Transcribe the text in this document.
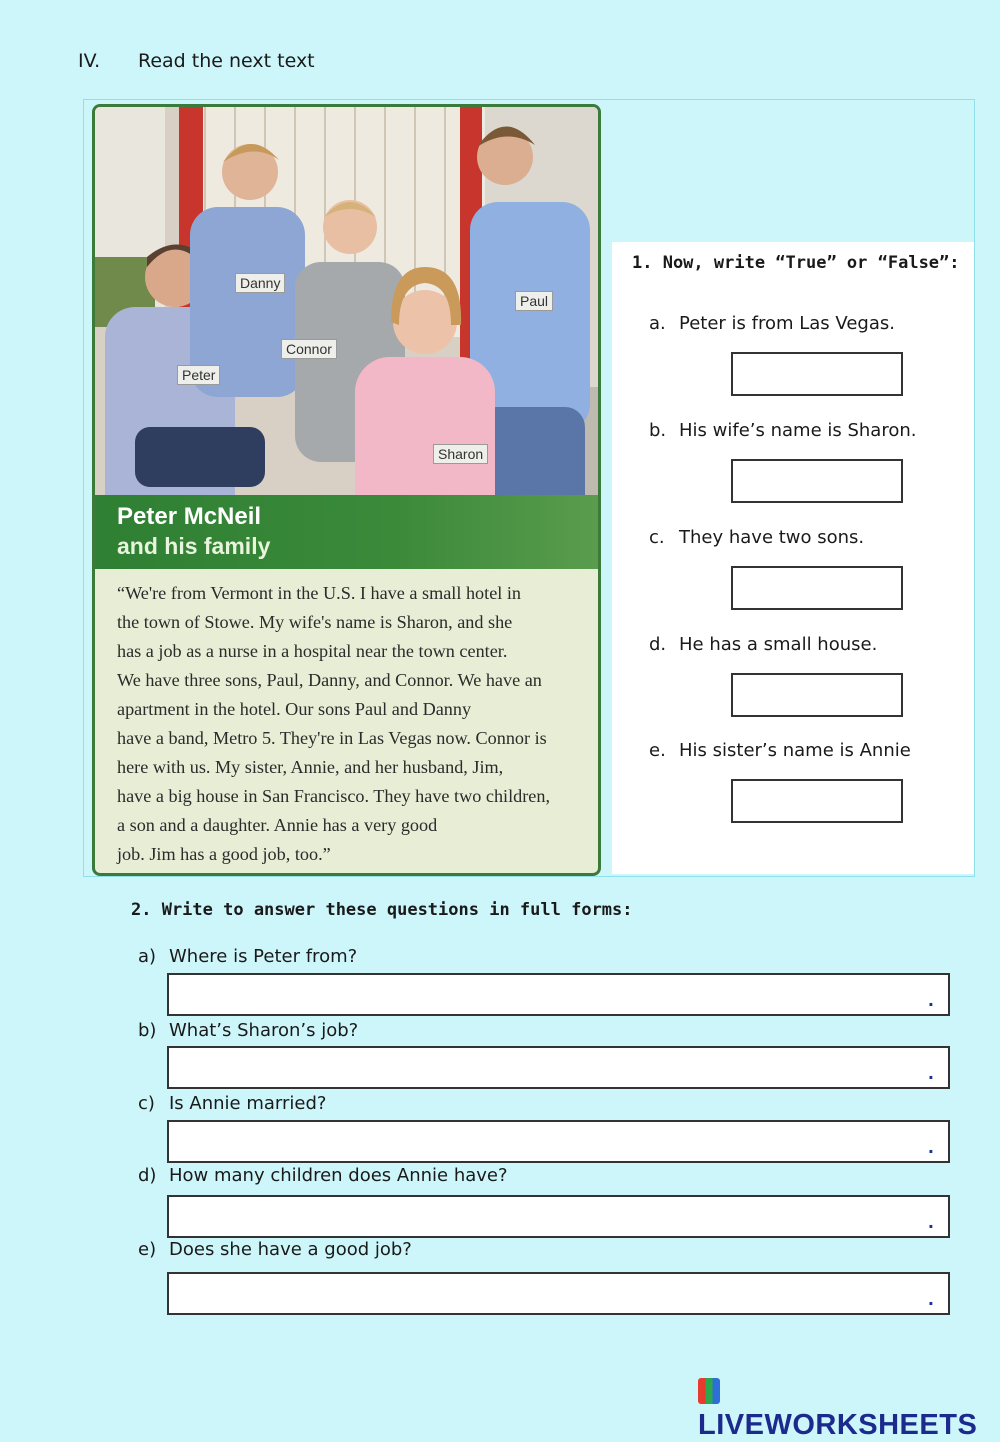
IV. Read the next text
Danny
Connor
Peter
Paul
Sharon
Peter McNeil
and his family
“We're from Vermont in the U.S. I have a small hotel in
the town of Stowe. My wife's name is Sharon, and she
has a job as a nurse in a hospital near the town center.
We have three sons, Paul, Danny, and Connor. We have an
apartment in the hotel. Our sons Paul and Danny
have a band, Metro 5. They're in Las Vegas now. Connor is
here with us. My sister, Annie, and her husband, Jim,
have a big house in San Francisco. They have two children,
a son and a daughter. Annie has a very good
job. Jim has a good job, too.”
1. Now, write “True” or “False”:
a. Peter is from Las Vegas.
b. His wife’s name is Sharon.
c. They have two sons.
d. He has a small house.
e. His sister’s name is Annie
2. Write to answer these questions in full forms:
a) Where is Peter from?
.
b) What’s Sharon’s job?
.
c) Is Annie married?
.
d) How many children does Annie have?
.
e) Does she have a good job?
.
LIVEWORKSHEETS
